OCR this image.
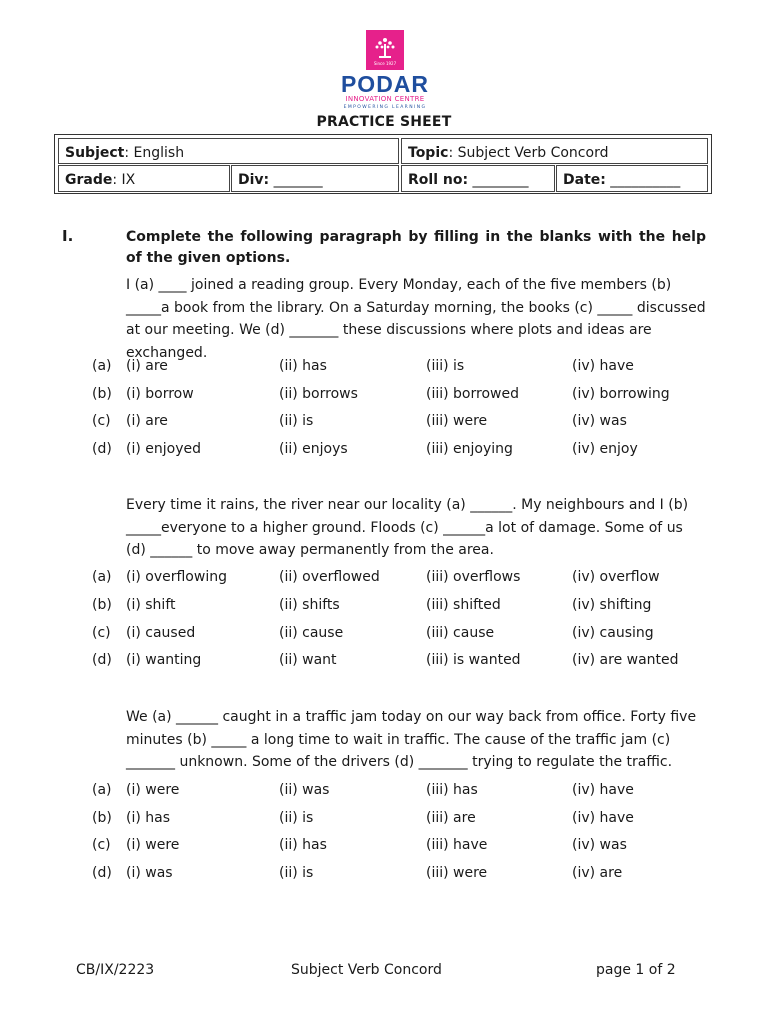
Since 1927
PODAR
INNOVATION CENTRE
EMPOWERING LEARNING
PRACTICE SHEET
Subject: English	Topic: Subject Verb Concord
Grade: IX	Div: _______	Roll no: ________	Date: __________
I.	Complete the following paragraph by filling in the blanks with the help of the given options.
I (a) ____ joined a reading group. Every Monday, each of the five members (b) _____a book from the library. On a Saturday morning, the books (c) _____ discussed at our meeting. We (d) _______ these discussions where plots and ideas are exchanged.
(a) (i) are	(ii) has	(iii) is	(iv) have
(b) (i) borrow	(ii) borrows	(iii) borrowed	(iv) borrowing
(c) (i) are	(ii) is	(iii) were	(iv) was
(d) (i) enjoyed	(ii) enjoys	(iii) enjoying	(iv) enjoy
Every time it rains, the river near our locality (a) ______. My neighbours and I (b) _____everyone to a higher ground. Floods (c) ______a lot of damage. Some of us (d) ______ to move away permanently from the area.
(a) (i) overflowing	(ii) overflowed	(iii) overflows	(iv) overflow
(b) (i) shift	(ii) shifts	(iii) shifted	(iv) shifting
(c) (i) caused	(ii) cause	(iii) cause	(iv) causing
(d) (i) wanting	(ii) want	(iii) is wanted	(iv) are wanted
We (a) ______ caught in a traffic jam today on our way back from office. Forty five minutes (b) _____ a long time to wait in traffic. The cause of the traffic jam (c) _______ unknown. Some of the drivers (d) _______ trying to regulate the traffic.
(a) (i) were	(ii) was	(iii) has	(iv) have
(b) (i) has	(ii) is	(iii) are	(iv) have
(c) (i) were	(ii) has	(iii) have	(iv) was
(d) (i) was	(ii) is	(iii) were	(iv) are
CB/IX/2223	Subject Verb Concord	page 1 of 2
